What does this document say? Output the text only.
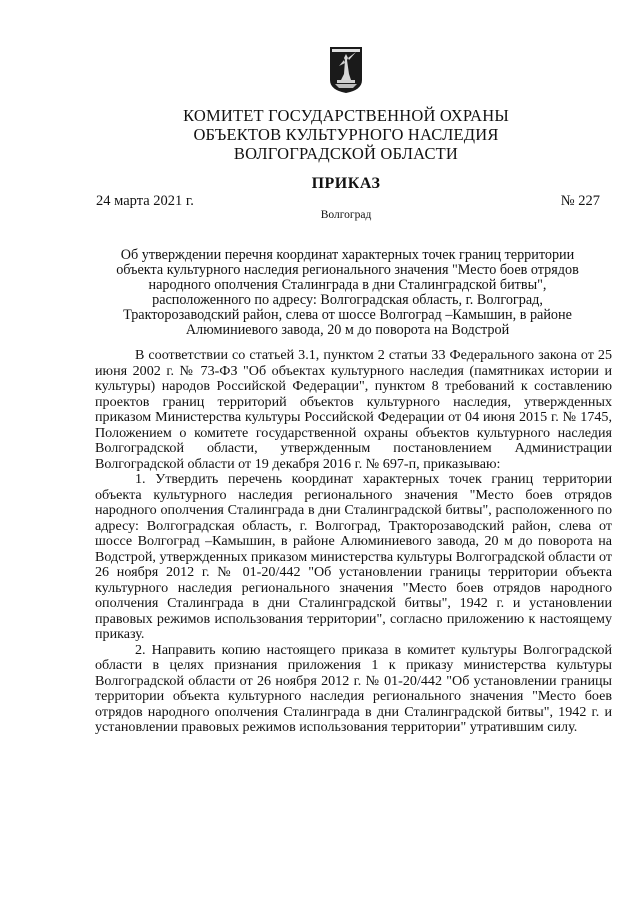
КОМИТЕТ ГОСУДАРСТВЕННОЙ ОХРАНЫ
ОБЪЕКТОВ КУЛЬТУРНОГО НАСЛЕДИЯ
ВОЛГОГРАДСКОЙ ОБЛАСТИ
ПРИКАЗ
24 марта 2021 г.	№ 227
Волгоград
Об утверждении перечня координат характерных точек границ территории
объекта культурного наследия регионального значения "Место боев отрядов
народного ополчения Сталинграда в дни Сталинградской битвы",
расположенного по адресу: Волгоградская область, г. Волгоград,
Тракторозаводский район, слева от шоссе Волгоград –Камышин, в районе
Алюминиевого завода, 20 м до поворота на Водстрой

В соответствии со статьей 3.1, пунктом 2 статьи 33 Федерального закона от 25 июня 2002 г. № 73-ФЗ "Об объектах культурного наследия (памятниках истории и культуры) народов Российской Федерации", пунктом 8 требований к составлению проектов границ территорий объектов культурного наследия, утвержденных приказом Министерства культуры Российской Федерации от 04 июня 2015 г. № 1745, Положением о комитете государственной охраны объектов культурного наследия Волгоградской области, утвержденным постановлением Администрации Волгоградской области от 19 декабря 2016 г. № 697-п, приказываю:

1. Утвердить перечень координат характерных точек границ территории объекта культурного наследия регионального значения "Место боев отрядов народного ополчения Сталинграда в дни Сталинградской битвы", расположенного по адресу: Волгоградская область, г. Волгоград, Тракторозаводский район, слева от шоссе Волгоград –Камышин, в районе Алюминиевого завода, 20 м до поворота на Водстрой, утвержденных приказом министерства культуры Волгоградской области от 26 ноября 2012 г. № 01-20/442 "Об установлении границы территории объекта культурного наследия регионального значения "Место боев отрядов народного ополчения Сталинграда в дни Сталинградской битвы", 1942 г. и установлении правовых режимов использования территории", согласно приложению к настоящему приказу.

2. Направить копию настоящего приказа в комитет культуры Волгоградской области в целях признания приложения 1 к приказу министерства культуры Волгоградской области от 26 ноября 2012 г. № 01-20/442 "Об установлении границы территории объекта культурного наследия регионального значения "Место боев отрядов народного ополчения Сталинграда в дни Сталинградской битвы", 1942 г. и установлении правовых режимов использования территории" утратившим силу.
